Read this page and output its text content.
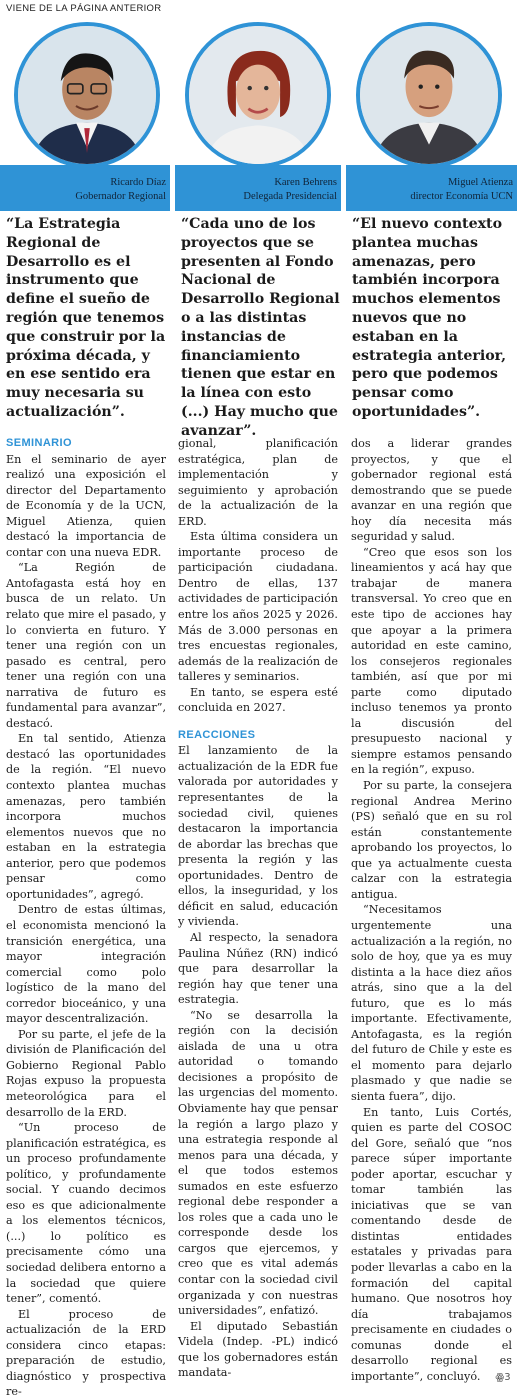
VIENE DE LA PÁGINA ANTERIOR
Ricardo Díaz
Gobernador Regional
Karen Behrens
Delegada Presidencial
Miguel Atienza
director Economía UCN
“La Estrategia Regional de Desarrollo es el instrumento que define el sueño de región que tenemos que construir por la próxima década, y en ese sentido era muy necesaria su actualización”.
“Cada uno de los proyectos que se presenten al Fondo Nacional de Desarrollo Regional o a las distintas instancias de financiamiento tienen que estar en la línea con esto (...) Hay mucho que avanzar”.
“El nuevo contexto plantea muchas amenazas, pero también incorpora muchos elementos nuevos que no estaban en la estrategia anterior, pero que podemos pensar como oportunidades”.
SEMINARIO

En el seminario de ayer realizó una exposición el director del Departamento de Economía y de la UCN, Miguel Atienza, quien destacó la importancia de contar con una nueva EDR.

“La Región de Antofagasta está hoy en busca de un relato. Un relato que mire el pasado, y lo convierta en futuro. Y tener una región con un pasado es central, pero tener una región con una narrativa de futuro es fundamental para avanzar”, destacó.

En tal sentido, Atienza destacó las oportunidades de la región. “El nuevo contexto plantea muchas amenazas, pero también incorpora muchos elementos nuevos que no estaban en la estrategia anterior, pero que podemos pensar como oportunidades”, agregó.

Dentro de estas últimas, el economista mencionó la transición energética, una mayor integración comercial como polo logístico de la mano del corredor bioceánico, y una mayor descentralización.

Por su parte, el jefe de la división de Planificación del Gobierno Regional Pablo Rojas expuso la propuesta meteorológica para el desarrollo de la ERD.

“Un proceso de planificación estratégica, es un proceso profundamente político, y profundamente social. Y cuando decimos eso es que adicionalmente a los elementos técnicos, (...) lo político es precisamente cómo una sociedad delibera entorno a la sociedad que quiere tener”, comentó.

El proceso de actualización de la ERD considera cinco etapas: preparación de estudio, diagnóstico y prospectiva re-

gional, planificación estratégica, plan de implementación y seguimiento y aprobación de la actualización de la ERD.

Esta última considera un importante proceso de participación ciudadana. Dentro de ellas, 137 actividades de participación entre los años 2025 y 2026. Más de 3.000 personas en tres encuestas regionales, además de la realización de talleres y seminarios.

En tanto, se espera esté concluida en 2027.

REACCIONES

El lanzamiento de la actualización de la EDR fue valorada por autoridades y representantes de la sociedad civil, quienes destacaron la importancia de abordar las brechas que presenta la región y las oportunidades. Dentro de ellos, la inseguridad, y los déficit en salud, educación y vivienda.

Al respecto, la senadora Paulina Núñez (RN) indicó que para desarrollar la región hay que tener una estrategia.

“No se desarrolla la región con la decisión aislada de una u otra autoridad o tomando decisiones a propósito de las urgencias del momento. Obviamente hay que pensar la región a largo plazo y una estrategia responde al menos para una década, y el que todos estemos sumados en este esfuerzo regional debe responder a los roles que a cada uno le corresponde desde los cargos que ejercemos, y creo que es vital además contar con la sociedad civil organizada y con nuestras universidades”, enfatizó.

El diputado Sebastián Videla (Indep. -PL) indicó que los gobernadores están mandata-

dos a liderar grandes proyectos, y que el gobernador regional está demostrando que se puede avanzar en una región que hoy día necesita más seguridad y salud.

“Creo que esos son los lineamientos y acá hay que trabajar de manera transversal. Yo creo que en este tipo de acciones hay que apoyar a la primera autoridad en este camino, los consejeros regionales también, así que por mi parte como diputado incluso tenemos ya pronto la discusión del presupuesto nacional y siempre estamos pensando en la región”, expuso.

Por su parte, la consejera regional Andrea Merino (PS) señaló que en su rol están constantemente aprobando los proyectos, lo que ya actualmente cuesta calzar con la estrategia antigua.

“Necesitamos urgentemente una actualización a la región, no solo de hoy, que ya es muy distinta a la hace diez años atrás, sino que a la del futuro, que es lo más importante. Efectivamente, Antofagasta, es la región del futuro de Chile y este es el momento para dejarlo plasmado y que nadie se sienta fuera”, dijo.

En tanto, Luis Cortés, quien es parte del COSOC del Gore, señaló que “nos parece súper importante poder aportar, escuchar y tomar también las iniciativas que se van comentando desde de distintas entidades estatales y privadas para poder llevarlas a cabo en la formación del capital humano. Que nosotros hoy día trabajamos precisamente en ciudades o comunas donde el desarrollo regional es importante”, concluyó. ꙮ3
